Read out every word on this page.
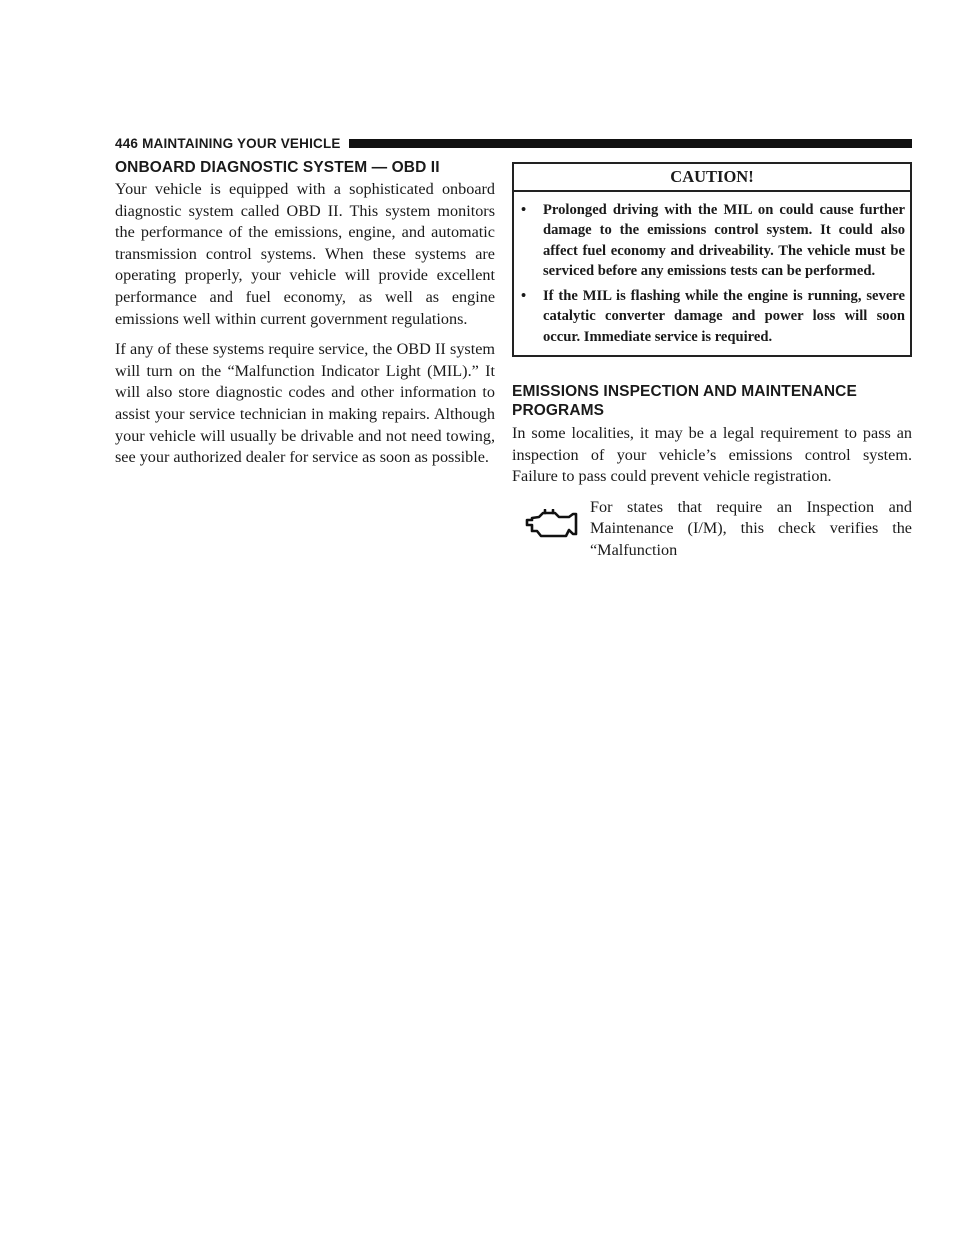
446 MAINTAINING YOUR VEHICLE
ONBOARD DIAGNOSTIC SYSTEM — OBD II

Your vehicle is equipped with a sophisticated onboard diagnostic system called OBD II. This system monitors the performance of the emissions, engine, and automatic transmission control systems. When these systems are operating properly, your vehicle will provide excellent performance and fuel economy, as well as engine emissions well within current government regulations.

If any of these systems require service, the OBD II system will turn on the “Malfunction Indicator Light (MIL).” It will also store diagnostic codes and other information to assist your service technician in making repairs. Although your vehicle will usually be drivable and not need towing, see your authorized dealer for service as soon as possible.

CAUTION!
• Prolonged driving with the MIL on could cause further damage to the emissions control system. It could also affect fuel economy and driveability. The vehicle must be serviced before any emissions tests can be performed.
• If the MIL is flashing while the engine is running, severe catalytic converter damage and power loss will soon occur. Immediate service is required.
EMISSIONS INSPECTION AND MAINTENANCE
PROGRAMS

In some localities, it may be a legal requirement to pass an inspection of your vehicle’s emissions control system. Failure to pass could prevent vehicle registration.

For states that require an Inspection and Maintenance (I/M), this check verifies the “Malfunction
